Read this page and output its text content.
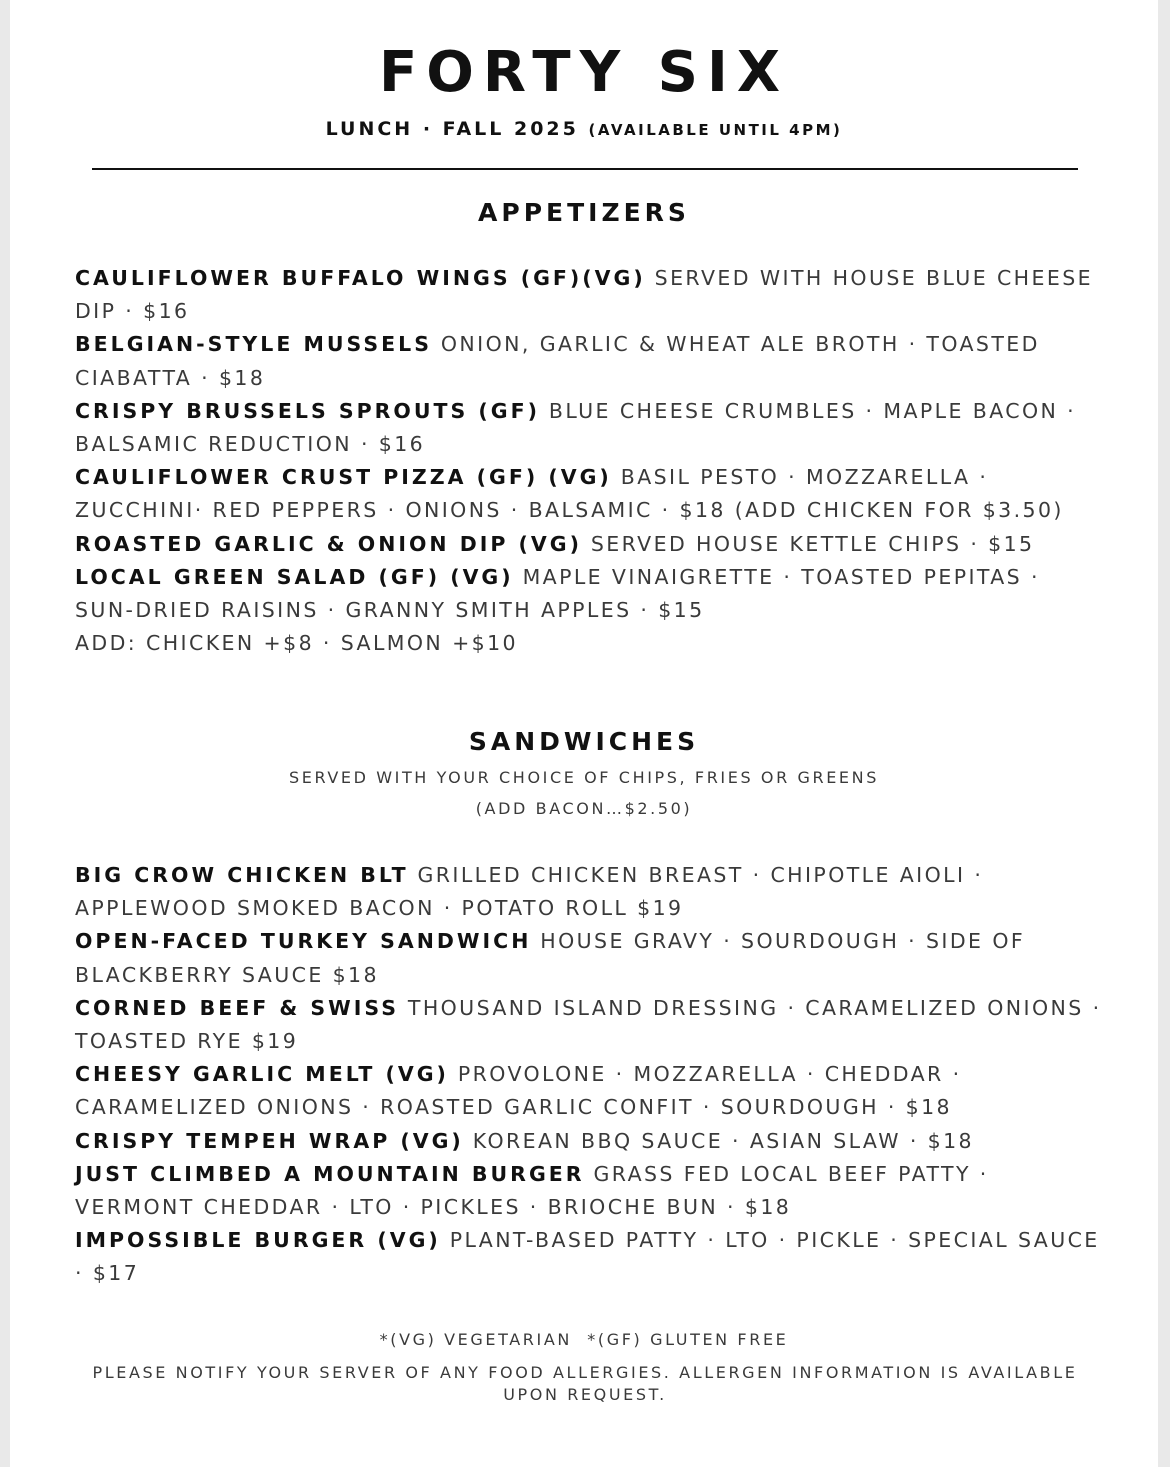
FORTY SIX
LUNCH · FALL 2025 (AVAILABLE UNTIL 4PM)
APPETIZERS

CAULIFLOWER BUFFALO WINGS (GF)(VG) SERVED WITH HOUSE BLUE CHEESE DIP · $16

BELGIAN-STYLE MUSSELS ONION, GARLIC & WHEAT ALE BROTH · TOASTED CIABATTA · $18

CRISPY BRUSSELS SPROUTS (GF) BLUE CHEESE CRUMBLES · MAPLE BACON · BALSAMIC REDUCTION · $16

CAULIFLOWER CRUST PIZZA (GF) (VG) BASIL PESTO · MOZZARELLA · ZUCCHINI· RED PEPPERS · ONIONS · BALSAMIC · $18 (ADD CHICKEN FOR $3.50)

ROASTED GARLIC & ONION DIP (VG) SERVED HOUSE KETTLE CHIPS · $15

LOCAL GREEN SALAD (GF) (VG) MAPLE VINAIGRETTE · TOASTED PEPITAS · SUN-DRIED RAISINS · GRANNY SMITH APPLES · $15

ADD: CHICKEN +$8 · SALMON +$10

SANDWICHES
SERVED WITH YOUR CHOICE OF CHIPS, FRIES OR GREENS
(ADD BACON…$2.50)

BIG CROW CHICKEN BLT GRILLED CHICKEN BREAST · CHIPOTLE AIOLI · APPLEWOOD SMOKED BACON · POTATO ROLL $19

OPEN-FACED TURKEY SANDWICH HOUSE GRAVY · SOURDOUGH · SIDE OF BLACKBERRY SAUCE $18

CORNED BEEF & SWISS THOUSAND ISLAND DRESSING · CARAMELIZED ONIONS · TOASTED RYE $19

CHEESY GARLIC MELT (VG) PROVOLONE · MOZZARELLA · CHEDDAR · CARAMELIZED ONIONS · ROASTED GARLIC CONFIT · SOURDOUGH · $18

CRISPY TEMPEH WRAP (VG) KOREAN BBQ SAUCE · ASIAN SLAW · $18

JUST CLIMBED A MOUNTAIN BURGER GRASS FED LOCAL BEEF PATTY · VERMONT CHEDDAR · LTO · PICKLES · BRIOCHE BUN · $18

IMPOSSIBLE BURGER (VG) PLANT-BASED PATTY · LTO · PICKLE · SPECIAL SAUCE · $17

*(VG) VEGETARIAN  *(GF) GLUTEN FREE
PLEASE NOTIFY YOUR SERVER OF ANY FOOD ALLERGIES. ALLERGEN INFORMATION IS AVAILABLE UPON REQUEST.
